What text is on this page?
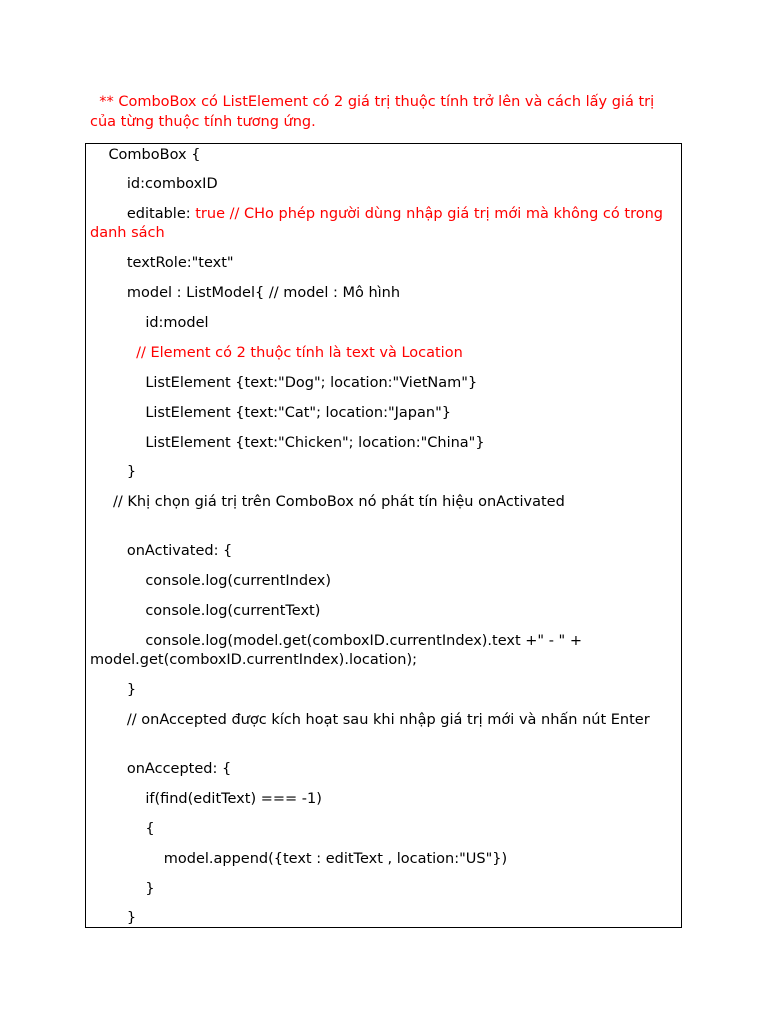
** ComboBox có ListElement có 2 giá trị thuộc tính trở lên và cách lấy giá trị của từng thuộc tính tương ứng.
ComboBox {
id:comboxID
editable: true // CHo phép người dùng nhập giá trị mới mà không có trong danh sách
textRole:"text"
model : ListModel{ // model : Mô hình
id:model
// Element có 2 thuộc tính là text và Location
ListElement {text:"Dog"; location:"VietNam"}
ListElement {text:"Cat"; location:"Japan"}
ListElement {text:"Chicken"; location:"China"}
}
// Khị chọn giá trị trên ComboBox nó phát tín hiệu onActivated
onActivated: {
console.log(currentIndex)
console.log(currentText)
console.log(model.get(comboxID.currentIndex).text +" - " + model.get(comboxID.currentIndex).location);
}
// onAccepted được kích hoạt sau khi nhập giá trị mới và nhấn nút Enter
onAccepted: {
if(find(editText) === -1)
{
model.append({text : editText , location:"US"})
}
}
